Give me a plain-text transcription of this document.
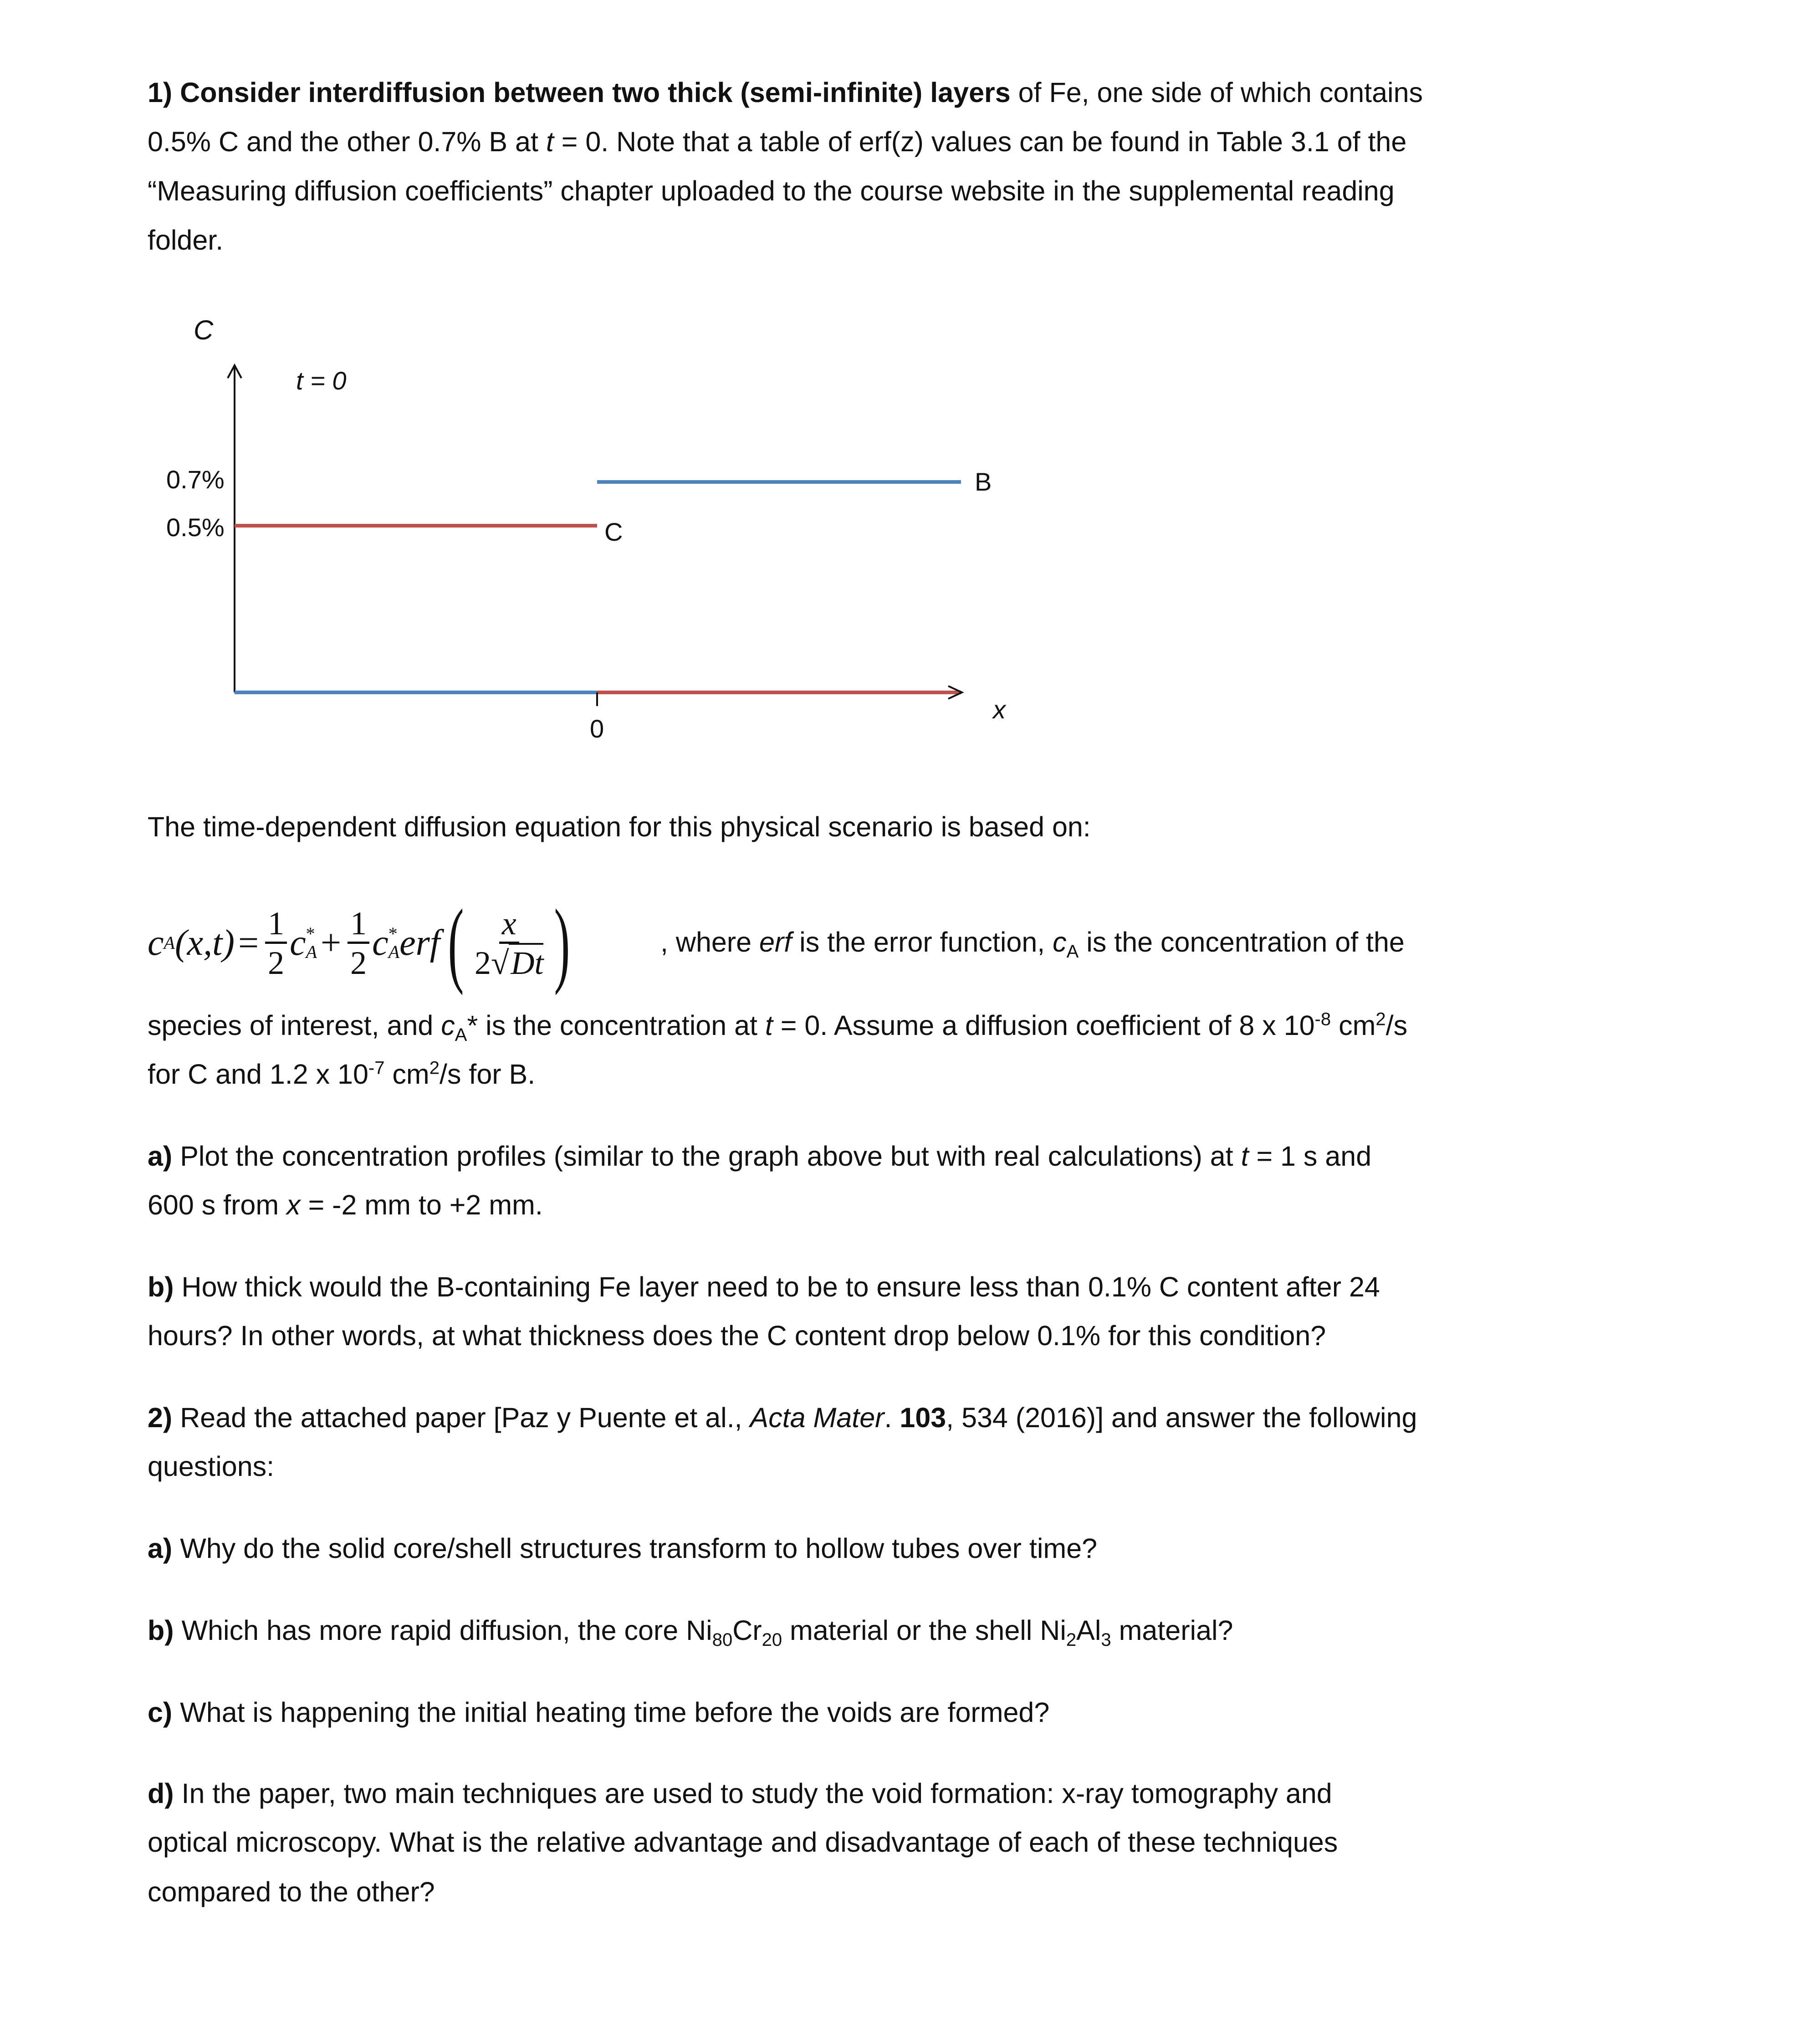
1) Consider interdiffusion between two thick (semi-infinite) layers of Fe, one side of which contains
0.5% C and the other 0.7% B at t = 0. Note that a table of erf(z) values can be found in Table 3.1 of the
“Measuring diffusion coefficients” chapter uploaded to the course website in the supplemental reading
folder.
The time-dependent diffusion equation for this physical scenario is based on:
C
t = 0
0.7%
0.5%
B
C
0
x
c A $(x,t) = \frac{1}{2}$ c *
$A + \frac{1}{2}$ c *
A erf ( $\frac{x}{2√Dt}$ )	, where erf is the error function, $c_A$ is the concentration of the
species of interest, and $c_A*$ is the concentration at t = 0. Assume a diffusion coefficient of 8 x $10^{-8}$ $cm^2/s$
for C and 1.2 x $10^{-7}$ $cm^2/s$ for B.
a) Plot the concentration profiles (similar to the graph above but with real calculations) at t = 1 s and
600 s from x = -2 mm to +2 mm.
b) How thick would the B-containing Fe layer need to be to ensure less than 0.1% C content after 24
hours? In other words, at what thickness does the C content drop below 0.1% for this condition?
2) Read the attached paper [Paz y Puente et al., Acta Mater. 103, 534 (2016)] and answer the following
questions:
a) Why do the solid core/shell structures transform to hollow tubes over time?
b) Which has more rapid diffusion, the core $Ni_{80}Cr_{20}$ material or the shell $Ni_2Al_3$ material?
c) What is happening the initial heating time before the voids are formed?
d) In the paper, two main techniques are used to study the void formation: x-ray tomography and
optical microscopy. What is the relative advantage and disadvantage of each of these techniques
compared to the other?
